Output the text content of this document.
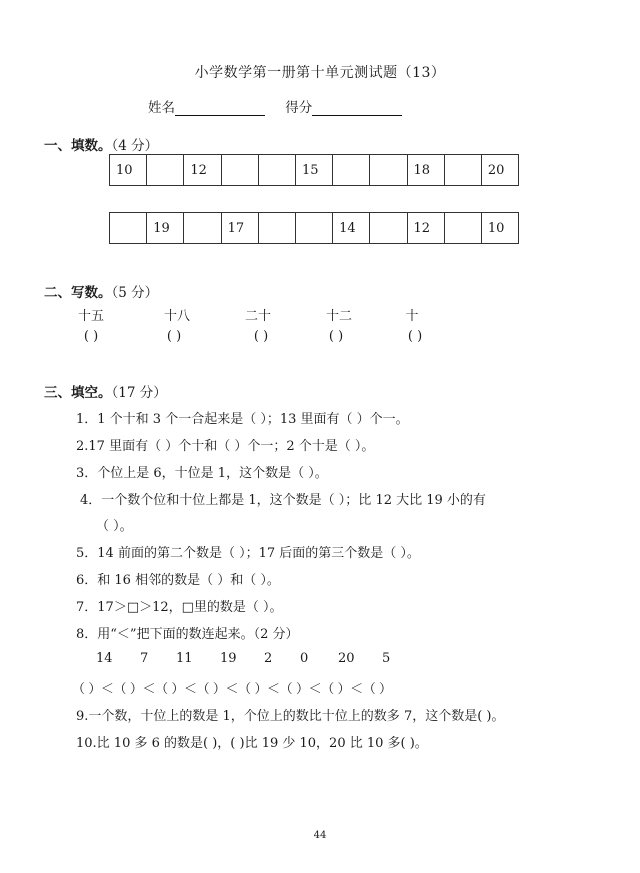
小学数学第一册第十单元测试题（13）
姓名	得分
一、填数。（4 分）
10		12			15			18		20
	19		17			14		12		10
二、写数。（5 分）
十五	十八	二十	十二	十
( )	( )	( )	( )	( )
三、填空。（17 分）
1．1 个十和 3 个一合起来是（ ）；13 里面有（ ）个一。
2.17 里面有（ ）个十和（ ）个一；2 个十是（ ）。
3．个位上是 6，十位是 1，这个数是（ ）。
4．一个数个位和十位上都是 1，这个数是（ ）；比 12 大比 19 小的有
（ ）。
5．14 前面的第二个数是（ ）；17 后面的第三个数是（ ）。
6．和 16 相邻的数是（ ）和（ ）。
7．17＞□＞12，□里的数是（ ）。
8．用“＜”把下面的数连起来。（2 分）
14 7 11 19 2 0 20 5
（ ）＜（ ）＜（ ）＜（ ）＜（ ）＜（ ）＜（ ）＜（ ）
9.一个数，十位上的数是 1，个位上的数比十位上的数多 7，这个数是( )。
10.比 10 多 6 的数是( )，( )比 19 少 10，20 比 10 多( )。
44
